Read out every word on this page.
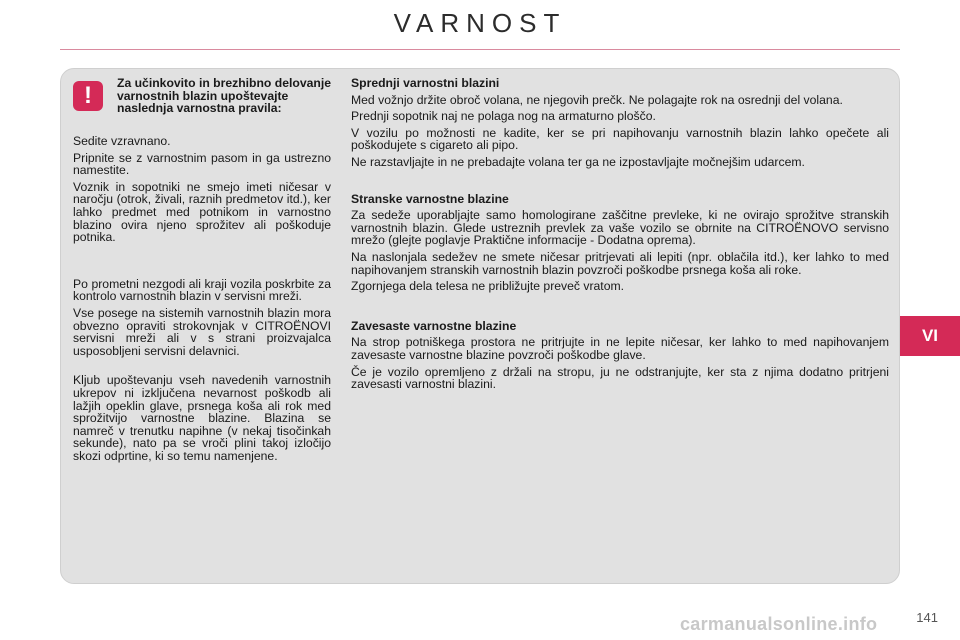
VARNOST
!	Za učinkovito in brezhibno delovanje varnostnih blazin upoštevajte naslednja varnostna pravila:

Sedite vzravnano.

Pripnite se z varnostnim pasom in ga ustrezno namestite.

Voznik in sopotniki ne smejo imeti ničesar v naročju (otrok, živali, raznih predmetov itd.), ker lahko predmet med potnikom in varnostno blazino ovira njeno sprožitev ali poškoduje potnika.

Po prometni nezgodi ali kraji vozila poskrbite za kontrolo varnostnih blazin v servisni mreži.

Vse posege na sistemih varnostnih blazin mora obvezno opraviti strokovnjak v CITROËNOVI servisni mreži ali v s strani proizvajalca usposobljeni servisni delavnici.

Kljub upoštevanju vseh navedenih varnostnih ukrepov ni izključena nevarnost poškodb ali lažjih opeklin glave, prsnega koša ali rok med sprožitvijo varnostne blazine. Blazina se namreč v trenutku napihne (v nekaj tisočinkah sekunde), nato pa se vroči plini takoj izločijo skozi odprtine, ki so temu namenjene.

Sprednji varnostni blazini

Med vožnjo držite obroč volana, ne njegovih prečk. Ne polagajte rok na osrednji del volana.

Prednji sopotnik naj ne polaga nog na armaturno ploščo.

V vozilu po možnosti ne kadite, ker se pri napihovanju varnostnih blazin lahko opečete ali poškodujete s cigareto ali pipo.

Ne razstavljajte in ne prebadajte volana ter ga ne izpostavljajte močnejšim udarcem.

Stranske varnostne blazine

Za sedeže uporabljajte samo homologirane zaščitne prevleke, ki ne ovirajo sprožitve stranskih varnostnih blazin. Glede ustreznih prevlek za vaše vozilo se obrnite na CITROËNOVO servisno mrežo (glejte poglavje Praktične informacije - Dodatna oprema).

Na naslonjala sedežev ne smete ničesar pritrjevati ali lepiti (npr. oblačila itd.), ker lahko to med napihovanjem stranskih varnostnih blazin povzroči poškodbe prsnega koša ali roke.

Zgornjega dela telesa ne približujte preveč vratom.

Zavesaste varnostne blazine

Na strop potniškega prostora ne pritrjujte in ne lepite ničesar, ker lahko to med napihovanjem zavesaste varnostne blazine povzroči poškodbe glave.

Če je vozilo opremljeno z držali na stropu, ju ne odstranjujte, ker sta z njima dodatno pritrjeni zavesasti varnostni blazini.

VI
141
carmanualsonline.info
